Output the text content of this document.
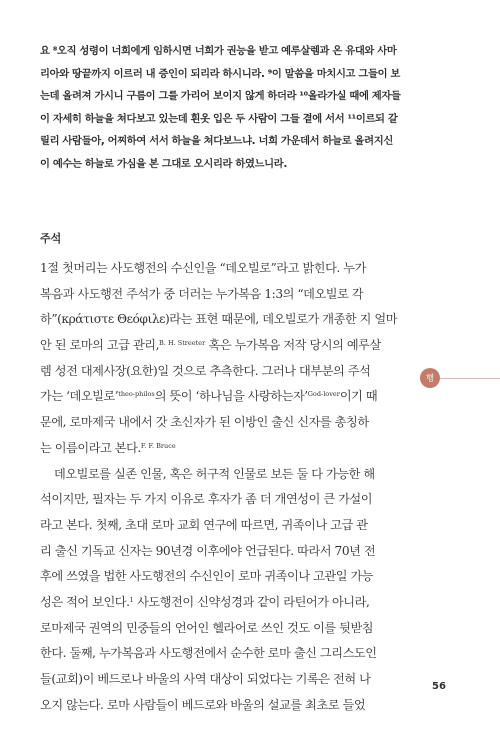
요 ⁸오직 성령이 너희에게 임하시면 너희가 권능을 받고 예루살렘과 온 유대와 사마
리아와 땅끝까지 이르러 내 증인이 되리라 하시니라. ⁹이 말씀을 마치시고 그들이 보
는데 올려져 가시니 구름이 그를 가리어 보이지 않게 하더라 ¹⁰올라가실 때에 제자들
이 자세히 하늘을 쳐다보고 있는데 흰옷 입은 두 사람이 그들 곁에 서서 ¹¹이르되 갈
릴리 사람들아, 어찌하여 서서 하늘을 쳐다보느냐. 너희 가운데서 하늘로 올려지신
이 예수는 하늘로 가심을 본 그대로 오시리라 하였느니라.
주석
1절 첫머리는 사도행전의 수신인을 “데오빌로”라고 밝힌다. 누가
복음과 사도행전 주석가 중 더러는 누가복음 1:3의 “데오빌로 각
하”(κράτιστε Θεόφιλε)라는 표현 때문에, 데오빌로가 개종한 지 얼마
안 된 로마의 고급 관리,$^{B. H. Streeter}$ 혹은 누가복음 저작 당시의 예루살
렘 성전 대제사장(요한)일 것으로 추측한다. 그러나 대부분의 주석
가는 ‘데오빌로’$^{theo-philos}$의 뜻이 ‘하나님을 사랑하는자’$^{God-lover}$이기 때
문에, 로마제국 내에서 갓 초신자가 된 이방인 출신 신자를 총칭하
는 이름이라고 본다.$^{F. F. Bruce}$
데오빌로를 실존 인물, 혹은 허구적 인물로 보든 둘 다 가능한 해
석이지만, 필자는 두 가지 이유로 후자가 좀 더 개연성이 큰 가설이
라고 본다. 첫째, 초대 로마 교회 연구에 따르면, 귀족이나 고급 관
리 출신 기독교 신자는 90년경 이후에야 언급된다. 따라서 70년 전
후에 쓰였을 법한 사도행전의 수신인이 로마 귀족이나 고관일 가능
성은 적어 보인다.$^1$ 사도행전이 신약성경과 같이 라틴어가 아니라,
로마제국 권역의 민중들의 언어인 헬라어로 쓰인 것도 이를 뒷받침
한다. 둘째, 누가복음과 사도행전에서 순수한 로마 출신 그리스도인
들(교회)이 베드로나 바울의 사역 대상이 되었다는 기록은 전혀 나
오지 않는다. 로마 사람들이 베드로와 바울의 설교를 최초로 들었
행
56
